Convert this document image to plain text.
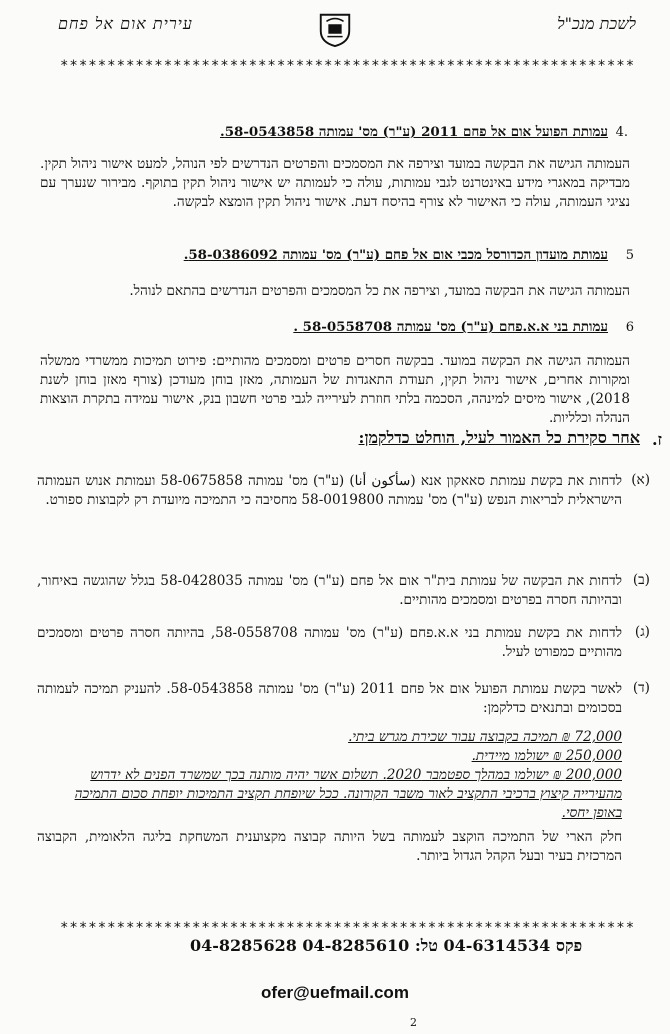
לשכת מנכ"ל
עירית אום אל פחם
*************************************************************
.4
עמותת הפועל אום אל פחם 2011 (ע"ר) מס' עמותה 58-0543858.
העמותה הגישה את הבקשה במועד וצירפה את המסמכים והפרטים הנדרשים לפי הנוהל, למעט אישור ניהול תקין. מבדיקה במאגרי מידע באינטרנט לגבי עמותות, עולה כי לעמותה יש אישור ניהול תקין בתוקף. מבירור שנערך עם נציגי העמותה, עולה כי האישור לא צורף בהיסח דעת. אישור ניהול תקין הומצא לבקשה.
5
עמותת מועדון הכדורסל מכבי אום אל פחם (ע"ר) מס' עמותה 58-0386092.
העמותה הגישה את הבקשה במועד, וצירפה את כל המסמכים והפרטים הנדרשים בהתאם לנוהל.
6
עמותת בני א.א.פחם (ע"ר) מס' עמותה 58-0558708 .
העמותה הגישה את הבקשה במועד. בבקשה חסרים פרטים ומסמכים מהותיים: פירוט תמיכות ממשרדי ממשלה ומקורות אחרים, אישור ניהול תקין, תעודת התאגדות של העמותה, מאזן בוחן מעודכן (צורף מאזן בוחן לשנת 2018), אישור מיסים למינהה, הסכמה בלתי חוזרת לעירייה לגבי פרטי חשבון בנק, אישור עמידה בתקרת הוצאות הנהלה וכלליות.
ז.
אחר סקירת כל האמור לעיל, הוחלט כדלקמן:
(א)
לדחות את בקשת עמותת סאאקון אנא (سأكون أنا) (ע"ר) מס' עמותה 58-0675858 ועמותת אנוש העמותה הישראלית לבריאות הנפש (ע"ר) מס' עמותה 58-0019800 מחסיבה כי התמיכה מיועדת רק לקבוצות ספורט.
(ב)
לדחות את הבקשה של עמותת בית"ר אום אל פחם (ע"ר) מס' עמותה 58-0428035 בגלל שהוגשה באיחור, ובהיותה חסרה בפרטים ומסמכים מהותיים.
(ג)
לדחות את בקשת עמותת בני א.א.פחם (ע"ר) מס' עמותה 58-0558708, בהיותה חסרה פרטים ומסמכים מהותיים כמפורט לעיל.
(ד)
לאשר בקשת עמותת הפועל אום אל פחם 2011 (ע"ר) מס' עמותה 58-0543858. להעניק תמיכה לעמותה בסכומים ובתנאים כדלקמן:
72,000 ₪ תמיכה בקבוצה עבור שכירת מגרש ביתי.
250,000 ₪ ישולמו מיידית.
200,000 ₪ ישולמו במהלך ספטמבר 2020. תשלום אשר יהיה מותנה בכך שמשרד הפנים לא ידרוש מהעירייה קיצוץ ברכיבי התקציב לאור משבר הקורונה. ככל שיופחת תקציב התמיכות יופחת סכום התמיכה באופן יחסי.
חלק הארי של התמיכה הוקצב לעמותה בשל היותה קבוצה מקצוענית המשחקת בליגה הלאומית, הקבוצה המרכזית בעיר ובעל הקהל הגדול ביותר.
*************************************************************
פקס 04-6314534 טל: 04-8285610 04-8285628
ofer@uefmail.com
2
